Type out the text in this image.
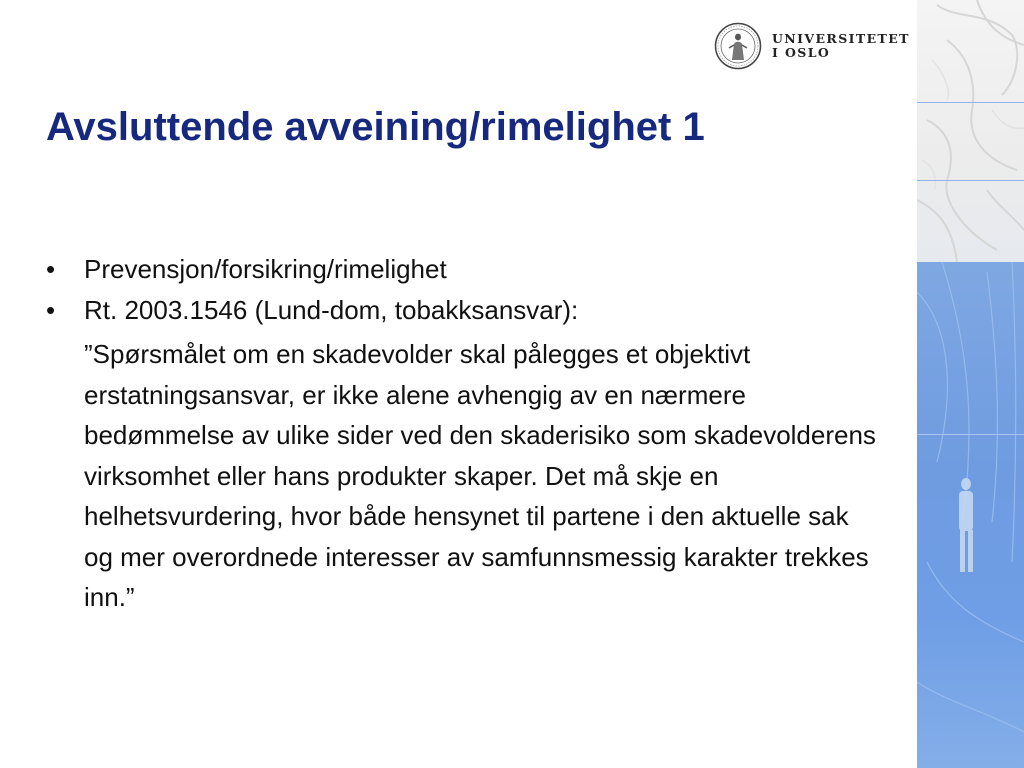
UNIVERSITETET
I OSLO
Avsluttende avveining/rimelighet 1
• Prevensjon/forsikring/rimelighet
• Rt. 2003.1546 (Lund-dom, tobakksansvar):
”Spørsmålet om en skadevolder skal pålegges et objektivt erstatningsansvar, er ikke alene avhengig av en nærmere bedømmelse av ulike sider ved den skaderisiko som skadevolderens virksomhet eller hans produkter skaper. Det må skje en helhetsvurdering, hvor både hensynet til partene i den aktuelle sak og mer overordnede interesser av samfunnsmessig karakter trekkes inn.”
